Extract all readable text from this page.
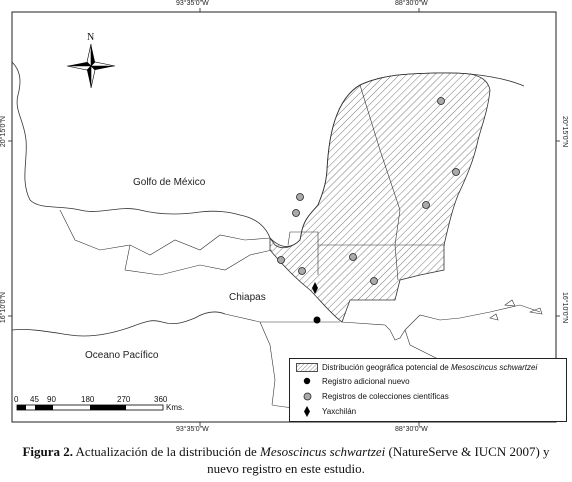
93°35'0"W	88°30'0"W
93°35'0"W	88°30'0"W
20°15'0"N
16°10'0"N
20°15'0"N
16°10'0"N
N
Golfo de México
Oceano Pacífico
Chiapas
0 45 90	180	270	360
Kms.
Distribución geográfica potencial de Mesoscincus schwartzei
Registro adicional nuevo
Registros de colecciones científicas
Yaxchilán
Figura 2. Actualización de la distribución de Mesoscincus schwartzei (NatureServe & IUCN 2007) y
nuevo registro en este estudio.
